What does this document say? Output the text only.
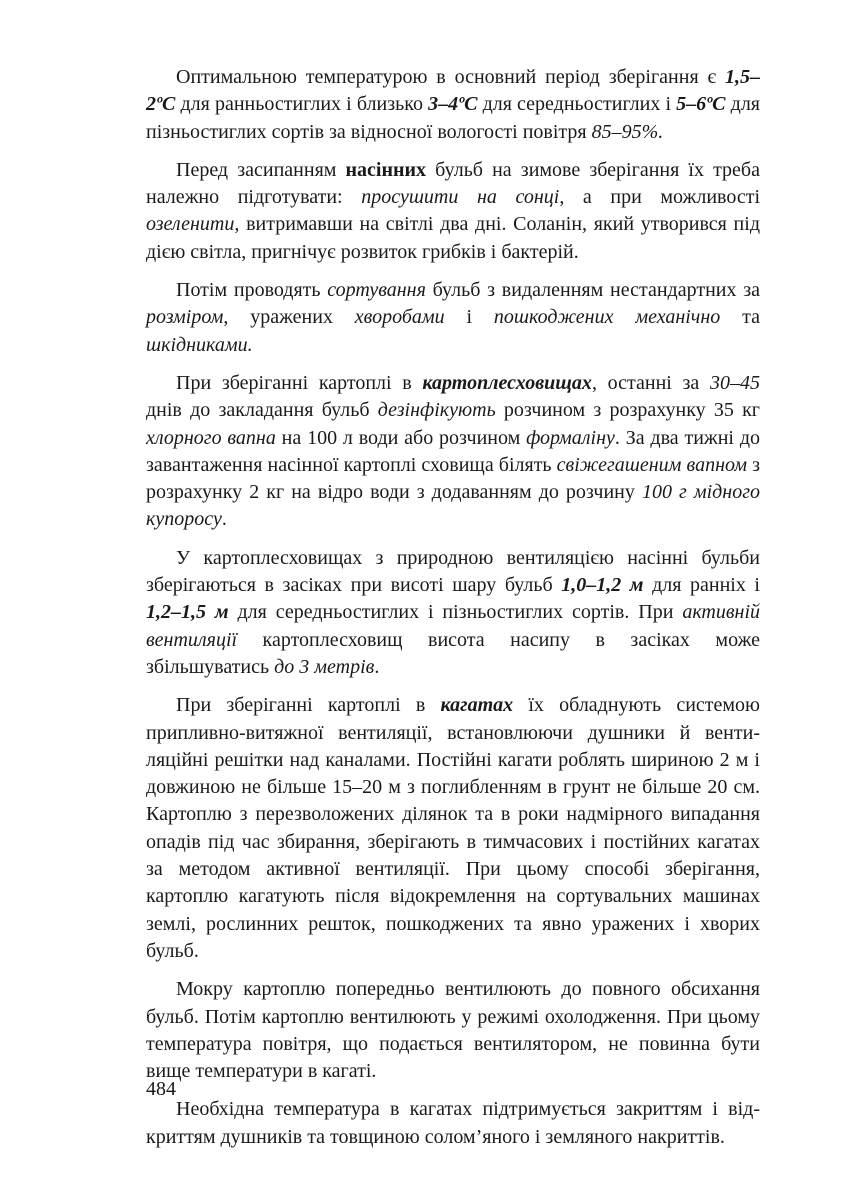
Оптимальною температурою в основний період зберігання є 1,5–2ºС для ранньостиглих і близько 3–4ºС для середньостиглих і 5–6ºС для пізньостиглих сортів за відносної вологості повітря 85–95%.

Перед засипанням насінних бульб на зимове зберігання їх треба належно підготувати: просушити на сонці, а при можливості озеленити, витримавши на світлі два дні. Соланін, який утворився під дією світла, пригнічує розвиток грибків і бактерій.

Потім проводять сортування бульб з видаленням нестандартних за розміром, уражених хворобами і пошкоджених механічно та шкідниками.

При зберіганні картоплі в картоплесховищах, останні за 30–45 днів до закладання бульб дезінфікують розчином з розрахунку 35 кг хлорного вапна на 100 л води або розчином формаліну. За два тижні до завантаження насінної картоплі сховища білять свіжегашеним вапном з розрахунку 2 кг на відро води з додаванням до розчину 100 г мідного купоросу.

У картоплесховищах з природною вентиляцією насінні бульби зберігаються в засіках при висоті шару бульб 1,0–1,2 м для ранніх і 1,2–1,5 м для середньостиглих і пізньостиглих сортів. При активній вентиляції картоплесховищ висота насипу в засіках може збільшуватись до 3 метрів.

При зберіганні картоплі в кагатах їх обладнують системою припливно-витяжної вентиляції, встановлюючи душники й вентиляційні решітки над каналами. Постійні кагати роблять шириною 2 м і довжиною не більше 15–20 м з поглибленням в грунт не більше 20 см. Картоплю з перезволожених ділянок та в роки надмірного випадання опадів під час збирання, зберігають в тимчасових і постійних кагатах за методом активної вентиляції. При цьому способі зберігання, картоплю кагатують після відокремлення на сортувальних машинах землі, рослинних решток, пошкоджених та явно уражених і хворих бульб.

Мокру картоплю попередньо вентилюють до повного обсихання бульб. Потім картоплю вентилюють у режимі охолодження. При цьому температура повітря, що подається вентилятором, не повинна бути вище температури в кагаті.

Необхідна температура в кагатах підтримується закриттям і відкриттям душників та товщиною солом’яного і земляного накриттів.

484
